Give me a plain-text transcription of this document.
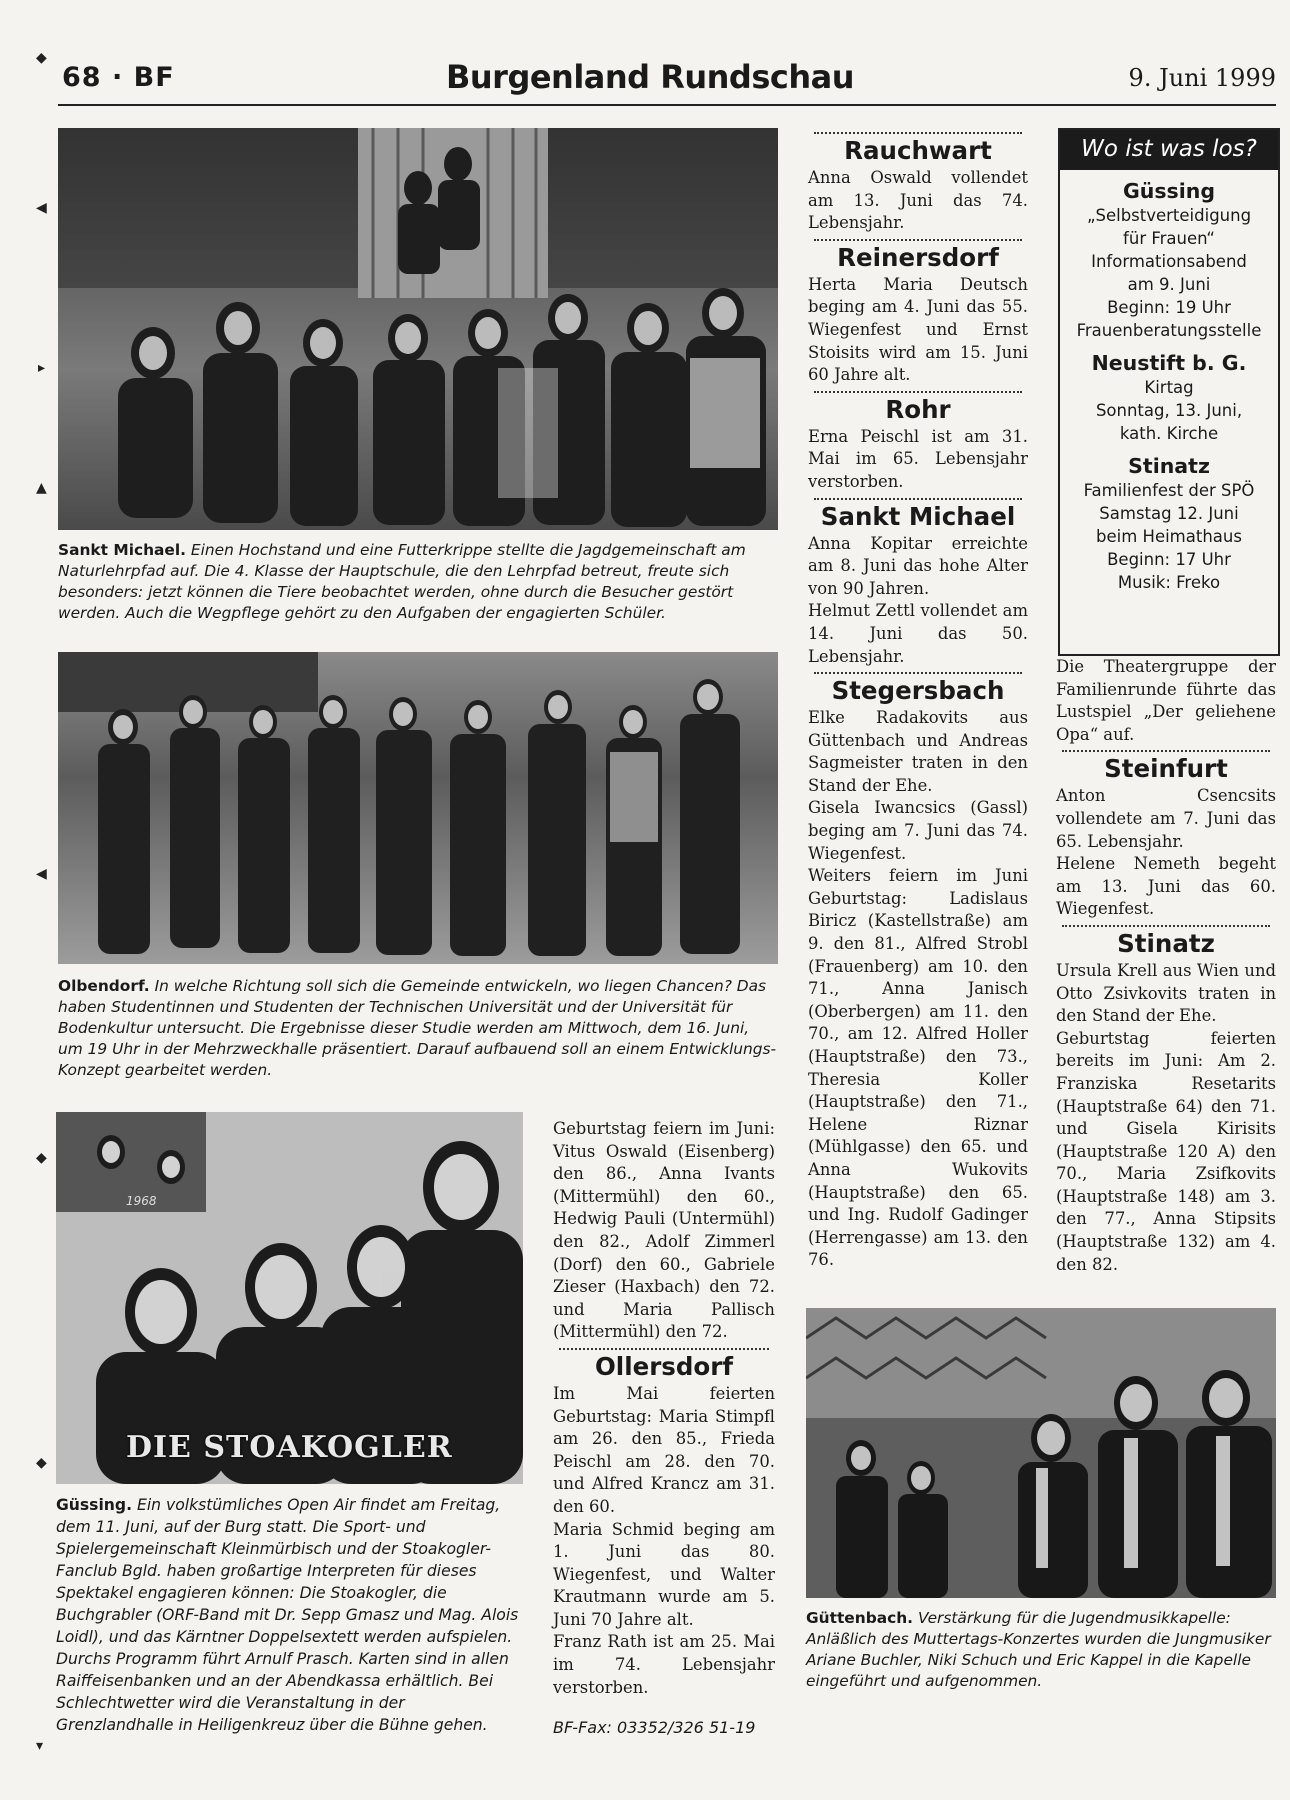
◆
◀
▸
▲
◀
◆
◆
▾
68 · BF	Burgenland Rundschau	9. Juni 1999
Sankt Michael. Einen Hochstand und eine Futterkrippe stellte die Jagdgemeinschaft am Naturlehrpfad auf. Die 4. Klasse der Hauptschule, die den Lehrpfad betreut, freute sich besonders: jetzt können die Tiere beobachtet werden, ohne durch die Besucher gestört werden. Auch die Wegpflege gehört zu den Aufgaben der engagierten Schüler.
Olbendorf. In welche Richtung soll sich die Gemeinde entwickeln, wo liegen Chancen? Das haben Studentinnen und Studenten der Technischen Universität und der Universität für Bodenkultur untersucht. Die Ergebnisse dieser Studie werden am Mittwoch, dem 16. Juni, um 19 Uhr in der Mehrzweckhalle präsentiert. Darauf aufbauend soll an einem Entwicklungs-Konzept gearbeitet werden.
1968
DIE STOAKOGLER
Güssing. Ein volkstümliches Open Air findet am Freitag, dem 11. Juni, auf der Burg statt. Die Sport- und Spielergemeinschaft Kleinmürbisch und der Stoakogler-Fanclub Bgld. haben großartige Interpreten für dieses Spektakel engagieren können: Die Stoakogler, die Buchgrabler (ORF-Band mit Dr. Sepp Gmasz und Mag. Alois Loidl), und das Kärntner Doppelsextett werden aufspielen. Durchs Programm führt Arnulf Prasch. Karten sind in allen Raiffeisenbanken und an der Abendkassa erhältlich. Bei Schlechtwetter wird die Veranstaltung in der Grenzlandhalle in Heiligenkreuz über die Bühne gehen.

Geburtstag feiern im Juni: Vitus Oswald (Eisenberg) den 86., Anna Ivants (Mittermühl) den 60., Hedwig Pauli (Untermühl) den 82., Adolf Zimmerl (Dorf) den 60., Gabriele Zieser (Haxbach) den 72. und Maria Pallisch (Mittermühl) den 72.

Ollersdorf

Im Mai feierten Geburtstag: Maria Stimpfl am 26. den 85., Frieda Peischl am 28. den 70. und Alfred Krancz am 31. den 60.

Maria Schmid beging am 1. Juni das 80. Wiegenfest, und Walter Krautmann wurde am 5. Juni 70 Jahre alt.

Franz Rath ist am 25. Mai im 74. Lebensjahr verstorben.

BF-Fax: 03352/326 51-19
Rauchwart

Anna Oswald vollendet am 13. Juni das 74. Lebensjahr.

Reinersdorf

Herta Maria Deutsch beging am 4. Juni das 55. Wiegenfest und Ernst Stoisits wird am 15. Juni 60 Jahre alt.

Rohr

Erna Peischl ist am 31. Mai im 65. Lebensjahr verstorben.

Sankt Michael

Anna Kopitar erreichte am 8. Juni das hohe Alter von 90 Jahren.

Helmut Zettl vollendet am 14. Juni das 50. Lebensjahr.

Stegersbach

Elke Radakovits aus Güttenbach und Andreas Sagmeister traten in den Stand der Ehe.

Gisela Iwancsics (Gassl) beging am 7. Juni das 74. Wiegenfest.

Weiters feiern im Juni Geburtstag: Ladislaus Biricz (Kastellstraße) am 9. den 81., Alfred Strobl (Frauenberg) am 10. den 71., Anna Janisch (Oberbergen) am 11. den 70., am 12. Alfred Holler (Hauptstraße) den 73., Theresia Koller (Hauptstraße) den 71., Helene Riznar (Mühlgasse) den 65. und Anna Wukovits (Hauptstraße) den 65. und Ing. Rudolf Gadinger (Herrengasse) am 13. den 76.

Wo ist was los?
Güssing
„Selbstverteidigung
für Frauen“
Informationsabend
am 9. Juni
Beginn: 19 Uhr
Frauenberatungsstelle
Neustift b. G.
Kirtag
Sonntag, 13. Juni,
kath. Kirche
Stinatz
Familienfest der SPÖ
Samstag 12. Juni
beim Heimathaus
Beginn: 17 Uhr
Musik: Freko

Die Theatergruppe der Familienrunde führte das Lustspiel „Der geliehene Opa“ auf.

Steinfurt

Anton Csencsits vollendete am 7. Juni das 65. Lebensjahr.

Helene Nemeth begeht am 13. Juni das 60. Wiegenfest.

Stinatz

Ursula Krell aus Wien und Otto Zsivkovits traten in den Stand der Ehe.

Geburtstag feierten bereits im Juni: Am 2. Franziska Resetarits (Hauptstraße 64) den 71. und Gisela Kirisits (Hauptstraße 120 A) den 70., Maria Zsifkovits (Hauptstraße 148) am 3. den 77., Anna Stipsits (Hauptstraße 132) am 4. den 82.

Güttenbach. Verstärkung für die Jugendmusikkapelle: Anläßlich des Muttertags-Konzertes wurden die Jungmusiker Ariane Buchler, Niki Schuch und Eric Kappel in die Kapelle eingeführt und aufgenommen.
